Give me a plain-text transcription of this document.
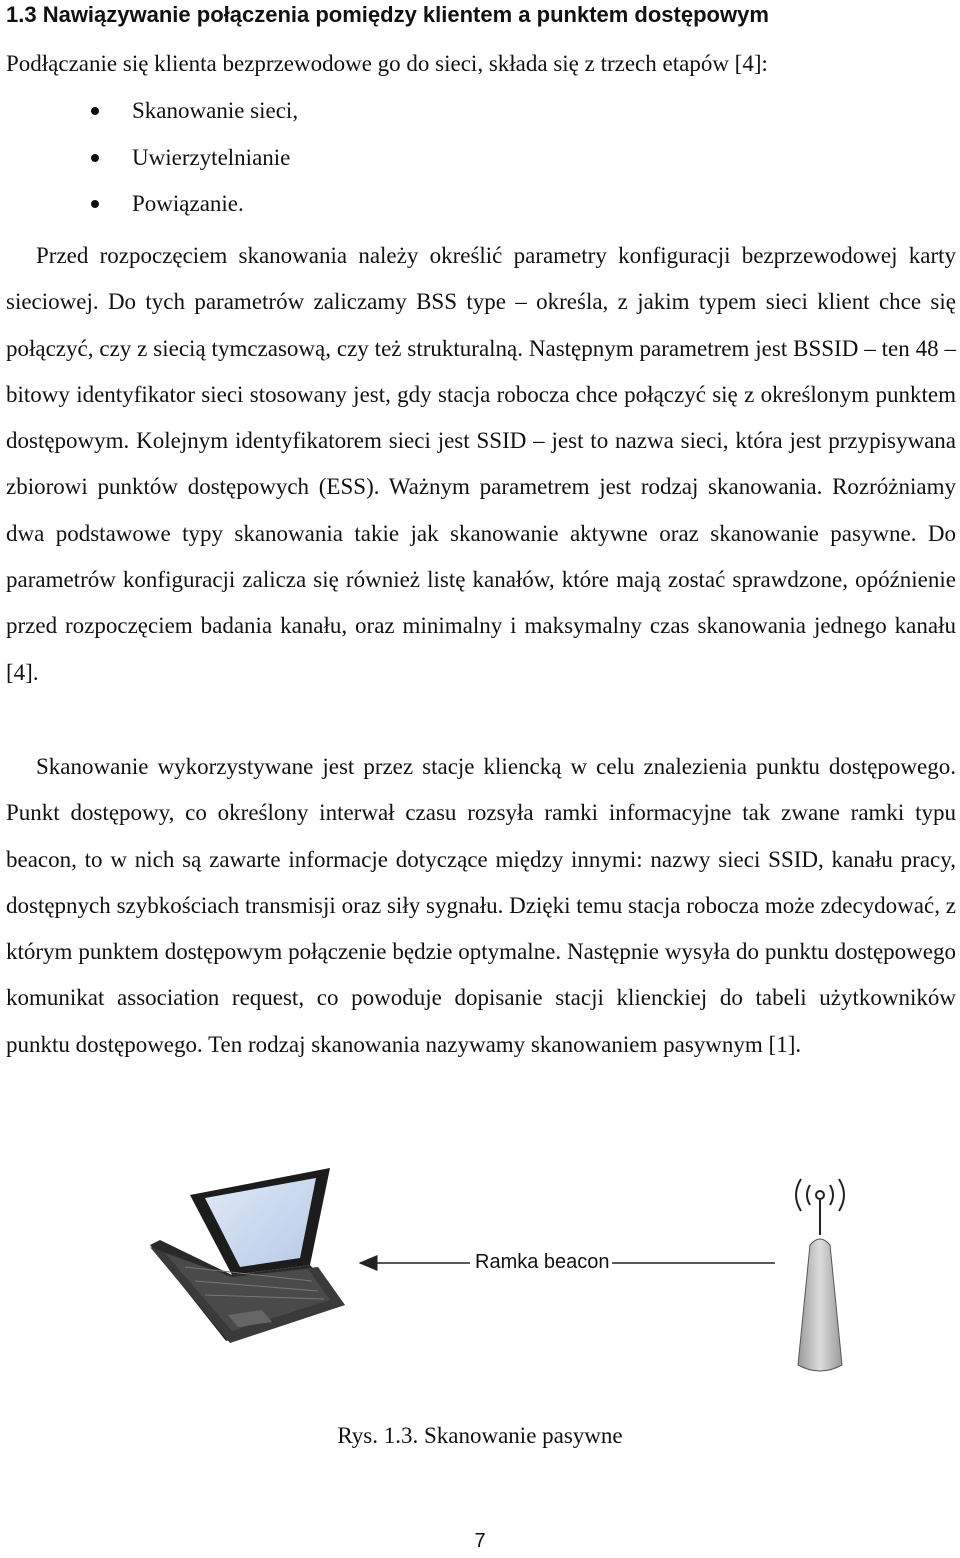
1.3 Nawiązywanie połączenia pomiędzy klientem a punktem dostępowym
Podłączanie się klienta bezprzewodowe go do sieci, składa się z trzech etapów [4]:
Skanowanie sieci,
Uwierzytelnianie
Powiązanie.

Przed rozpoczęciem skanowania należy określić parametry konfiguracji bezprzewodowej karty sieciowej. Do tych parametrów zaliczamy BSS type – określa, z jakim typem sieci klient chce się połączyć, czy z siecią tymczasową, czy też strukturalną. Następnym parametrem jest BSSID – ten 48 – bitowy identyfikator sieci stosowany jest, gdy stacja robocza chce połączyć się z określonym punktem dostępowym. Kolejnym identyfikatorem sieci jest SSID – jest to nazwa sieci, która jest przypisywana zbiorowi punktów dostępowych (ESS). Ważnym parametrem jest rodzaj skanowania. Rozróżniamy dwa podstawowe typy skanowania takie jak skanowanie aktywne oraz skanowanie pasywne. Do parametrów konfiguracji zalicza się również listę kanałów, które mają zostać sprawdzone, opóźnienie przed rozpoczęciem badania kanału, oraz minimalny i maksymalny czas skanowania jednego kanału [4].

Skanowanie wykorzystywane jest przez stacje kliencką w celu znalezienia punktu dostępowego. Punkt dostępowy, co określony interwał czasu rozsyła ramki informacyjne tak zwane ramki typu beacon, to w nich są zawarte informacje dotyczące między innymi: nazwy sieci SSID, kanału pracy, dostępnych szybkościach transmisji oraz siły sygnału. Dzięki temu stacja robocza może zdecydować, z którym punktem dostępowym połączenie będzie optymalne. Następnie wysyła do punktu dostępowego komunikat association request, co powoduje dopisanie stacji klienckiej do tabeli użytkowników punktu dostępowego. Ten rodzaj skanowania nazywamy skanowaniem pasywnym [1].

Ramka beacon
Rys. 1.3. Skanowanie pasywne
7
